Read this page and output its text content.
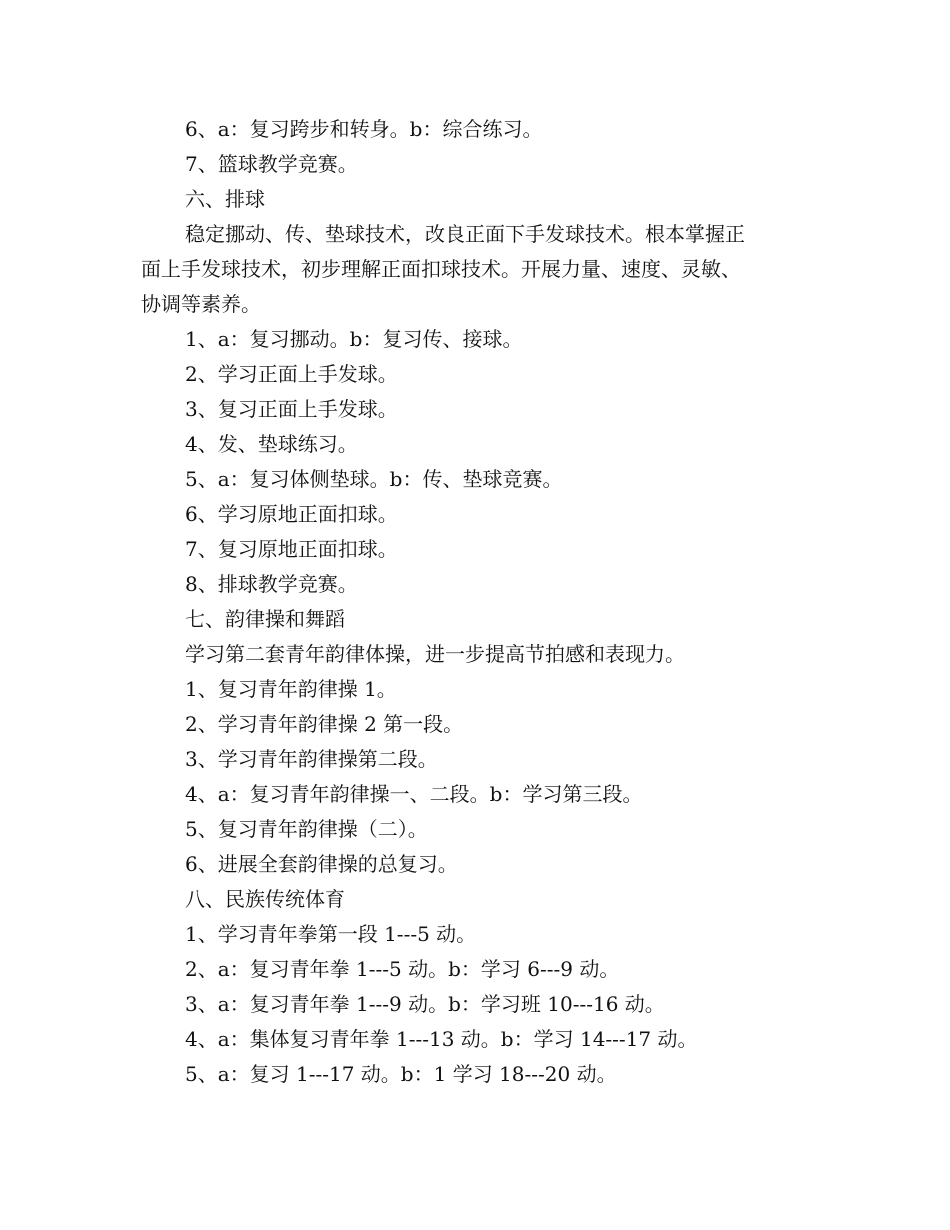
6、a：复习跨步和转身。b：综合练习。

7、篮球教学竞赛。

六、排球

稳定挪动、传、垫球技术，改良正面下手发球技术。根本掌握正

面上手发球技术，初步理解正面扣球技术。开展力量、速度、灵敏、

协调等素养。

1、a：复习挪动。b：复习传、接球。

2、学习正面上手发球。

3、复习正面上手发球。

4、发、垫球练习。

5、a：复习体侧垫球。b：传、垫球竞赛。

6、学习原地正面扣球。

7、复习原地正面扣球。

8、排球教学竞赛。

七、韵律操和舞蹈

学习第二套青年韵律体操，进一步提高节拍感和表现力。

1、复习青年韵律操 1。

2、学习青年韵律操 2 第一段。

3、学习青年韵律操第二段。

4、a：复习青年韵律操一、二段。b：学习第三段。

5、复习青年韵律操（二）。

6、进展全套韵律操的总复习。

八、民族传统体育

1、学习青年拳第一段 1---5 动。

2、a：复习青年拳 1---5 动。b：学习 6---9 动。

3、a：复习青年拳 1---9 动。b：学习班 10---16 动。

4、a：集体复习青年拳 1---13 动。b：学习 14---17 动。

5、a：复习 1---17 动。b：1 学习 18---20 动。
